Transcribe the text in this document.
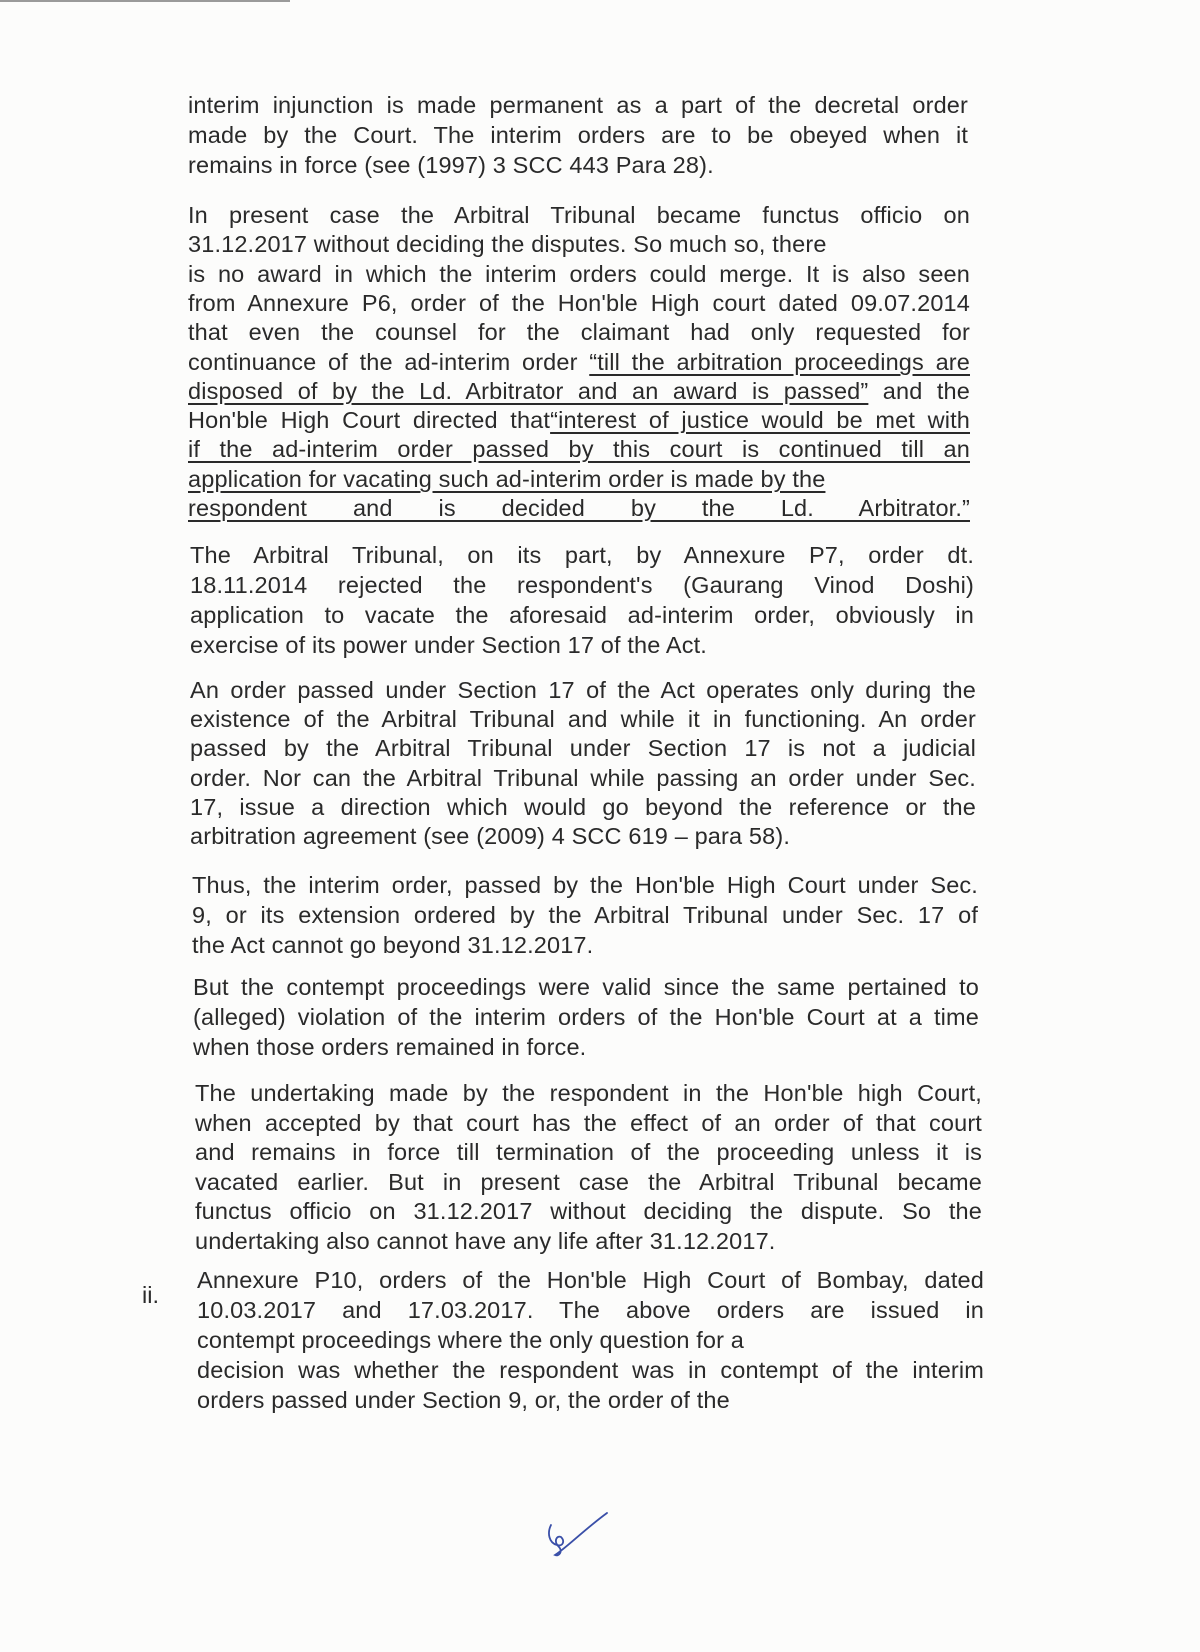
interim injunction is made permanent as a part of the decretal order
made by the Court. The interim orders are to be obeyed when it
remains in force (see (1997) 3 SCC 443 Para 28).
In present case the Arbitral Tribunal became functus officio on
31.12.2017 without deciding the disputes. So much so, there
is no award in which the interim orders could merge. It is also seen
from Annexure P6, order of the Hon'ble High court dated 09.07.2014
that even the counsel for the claimant had only requested for
continuance of the ad-interim order “till the arbitration proceedings are
disposed of by the Ld. Arbitrator and an award is passed” and the
Hon'ble High Court directed that“interest of justice would be met with
if the ad-interim order passed by this court is continued till an
application for vacating such ad-interim order is made by the
respondent and is decided by the Ld. Arbitrator.”
The Arbitral Tribunal, on its part, by Annexure P7, order dt.
18.11.2014 rejected the respondent's (Gaurang Vinod Doshi)
application to vacate the aforesaid ad-interim order, obviously in
exercise of its power under Section 17 of the Act.
An order passed under Section 17 of the Act operates only during the
existence of the Arbitral Tribunal and while it in functioning. An order
passed by the Arbitral Tribunal under Section 17 is not a judicial
order. Nor can the Arbitral Tribunal while passing an order under Sec.
17, issue a direction which would go beyond the reference or the
arbitration agreement (see (2009) 4 SCC 619 – para 58).
Thus, the interim order, passed by the Hon'ble High Court under Sec.
9, or its extension ordered by the Arbitral Tribunal under Sec. 17 of
the Act cannot go beyond 31.12.2017.
But the contempt proceedings were valid since the same pertained to
(alleged) violation of the interim orders of the Hon'ble Court at a time
when those orders remained in force.
The undertaking made by the respondent in the Hon'ble high Court,
when accepted by that court has the effect of an order of that court
and remains in force till termination of the proceeding unless it is
vacated earlier. But in present case the Arbitral Tribunal became
functus officio on 31.12.2017 without deciding the dispute. So the
undertaking also cannot have any life after 31.12.2017.
ii.
Annexure P10, orders of the Hon'ble High Court of Bombay, dated
10.03.2017 and 17.03.2017. The above orders are issued in
contempt proceedings where the only question for a
decision was whether the respondent was in contempt of the interim
orders passed under Section 9, or, the order of the
